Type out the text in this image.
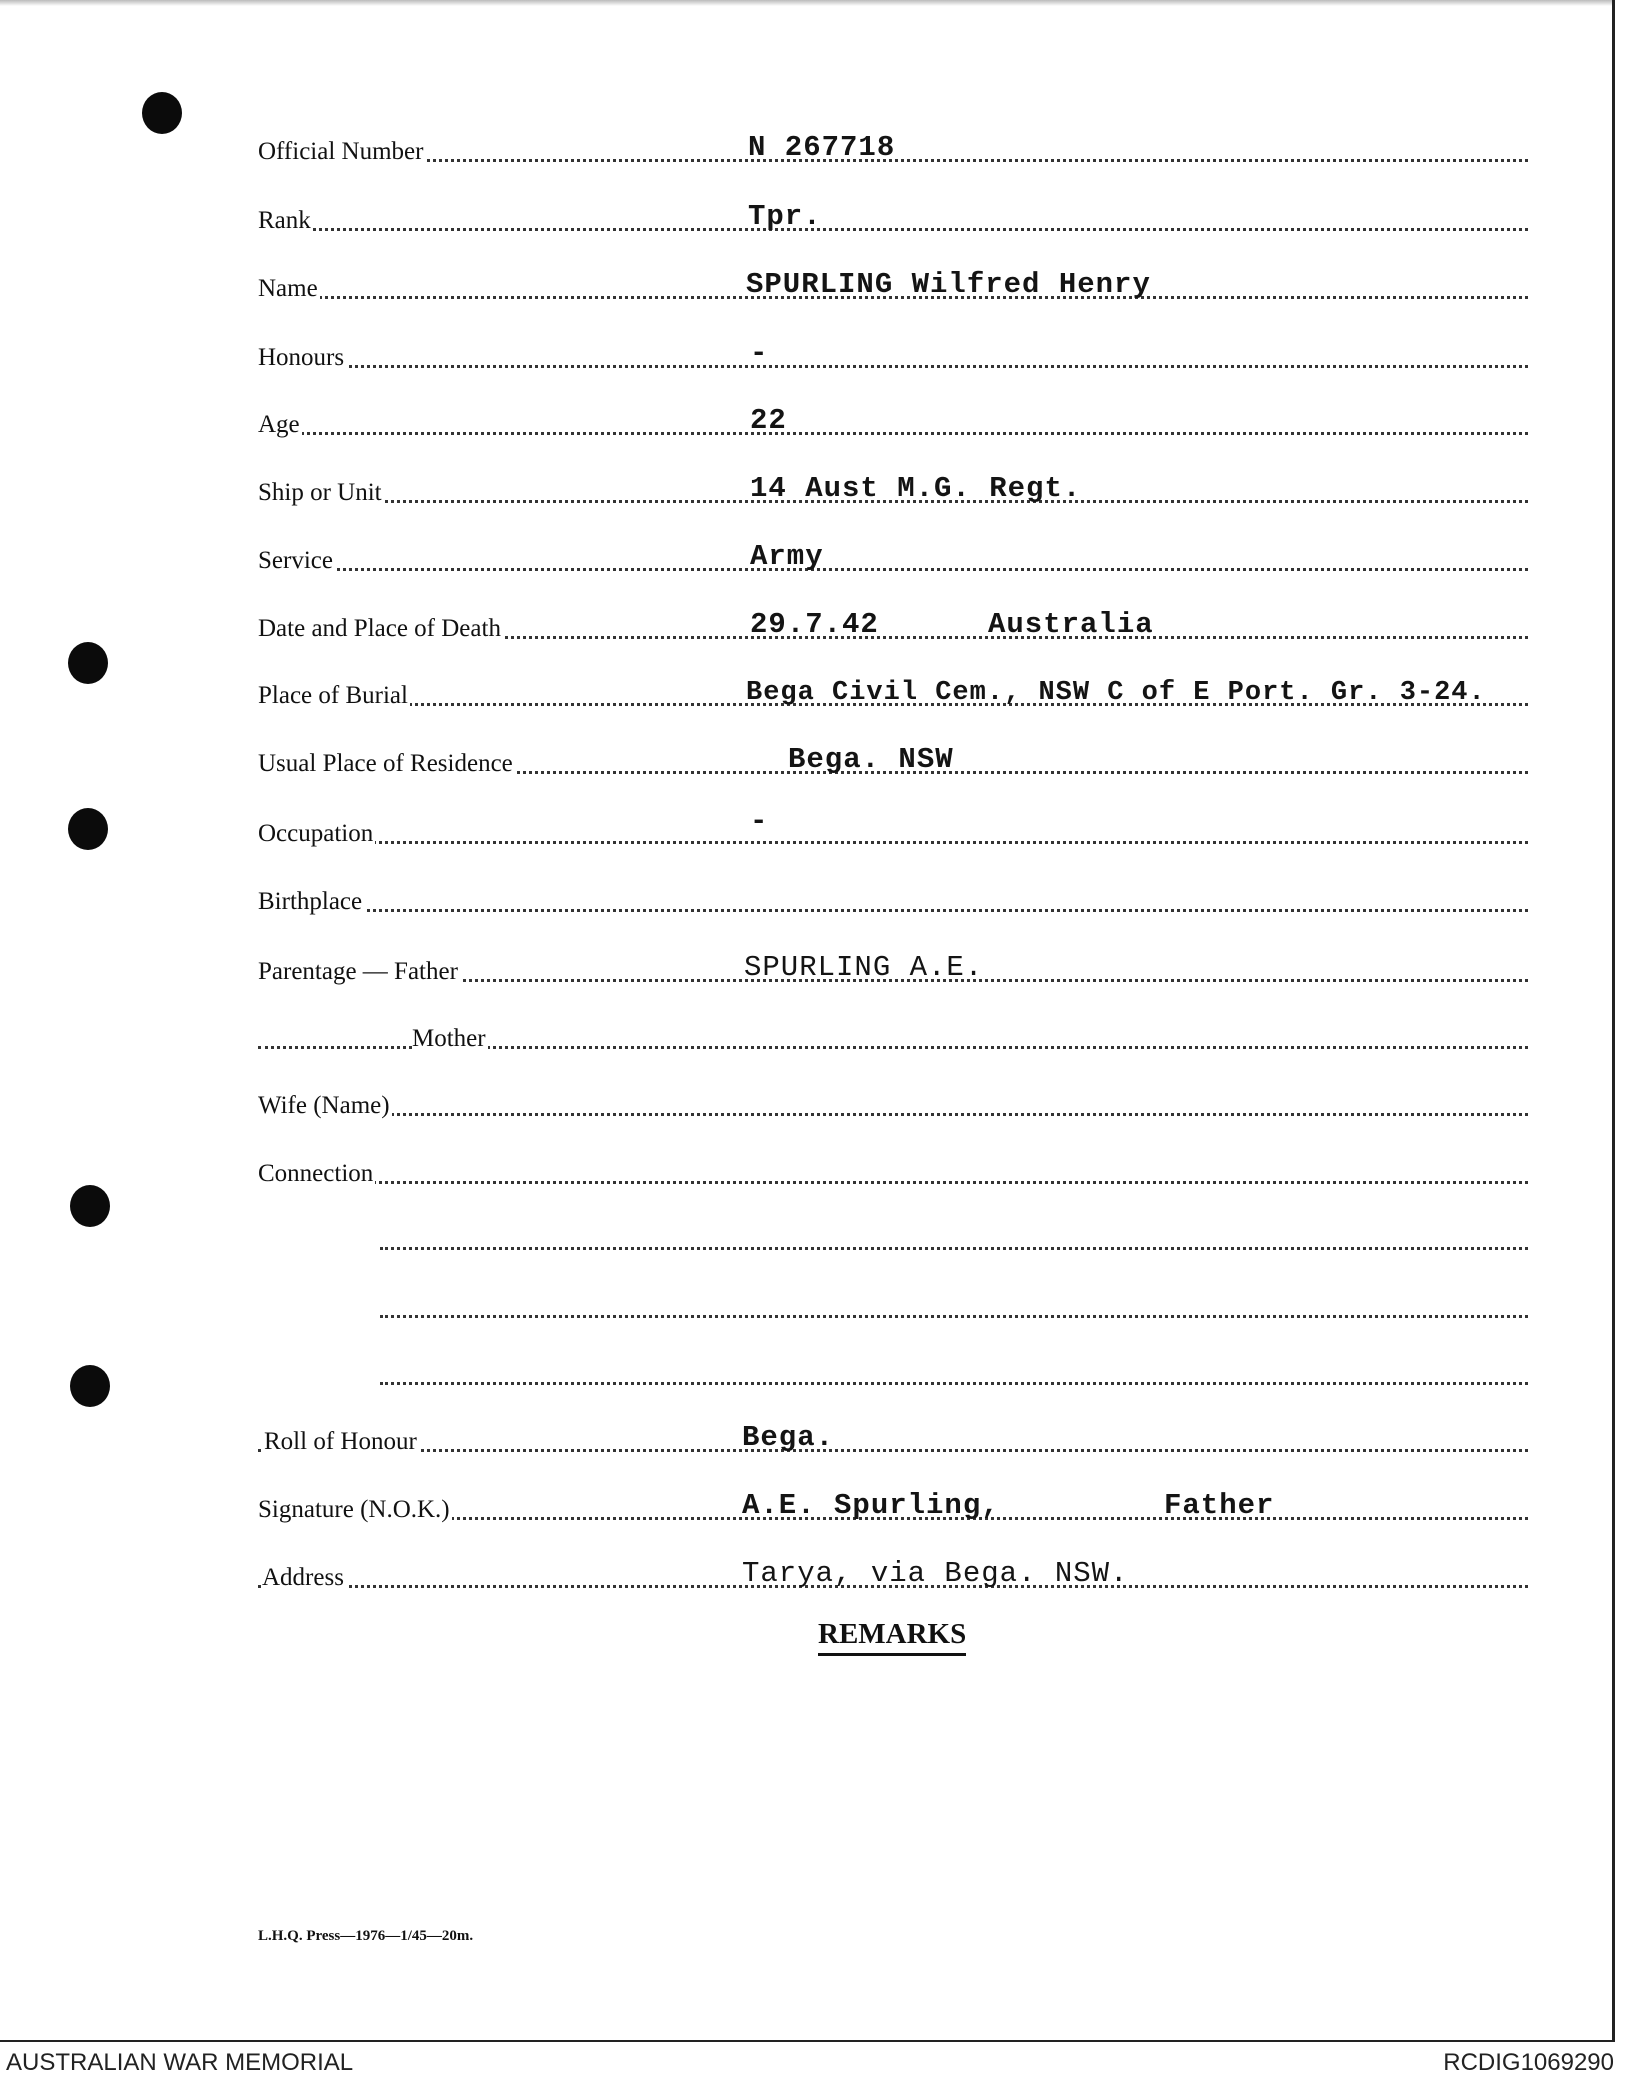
Official Number	N 267718
Rank	Tpr.
Name	SPURLING Wilfred Henry
Honours	-
Age	22
Ship or Unit	14 Aust M.G. Regt.
Service	Army
Date and Place of Death	29.7.42	Australia
Place of Burial	Bega Civil Cem., NSW C of E Port. Gr. 3-24.
Usual Place of Residence	Bega. NSW
Occupation	-
Birthplace
Parentage — Father	SPURLING A.E.
Mother
Wife (Name)
Connection
Roll of Honour	Bega.
Signature (N.O.K.)	A.E. Spurling,	Father
Address	Tarya, via Bega. NSW.
REMARKS
L.H.Q. Press—1976—1/45—20m.
AUSTRALIAN WAR MEMORIAL	RCDIG1069290
